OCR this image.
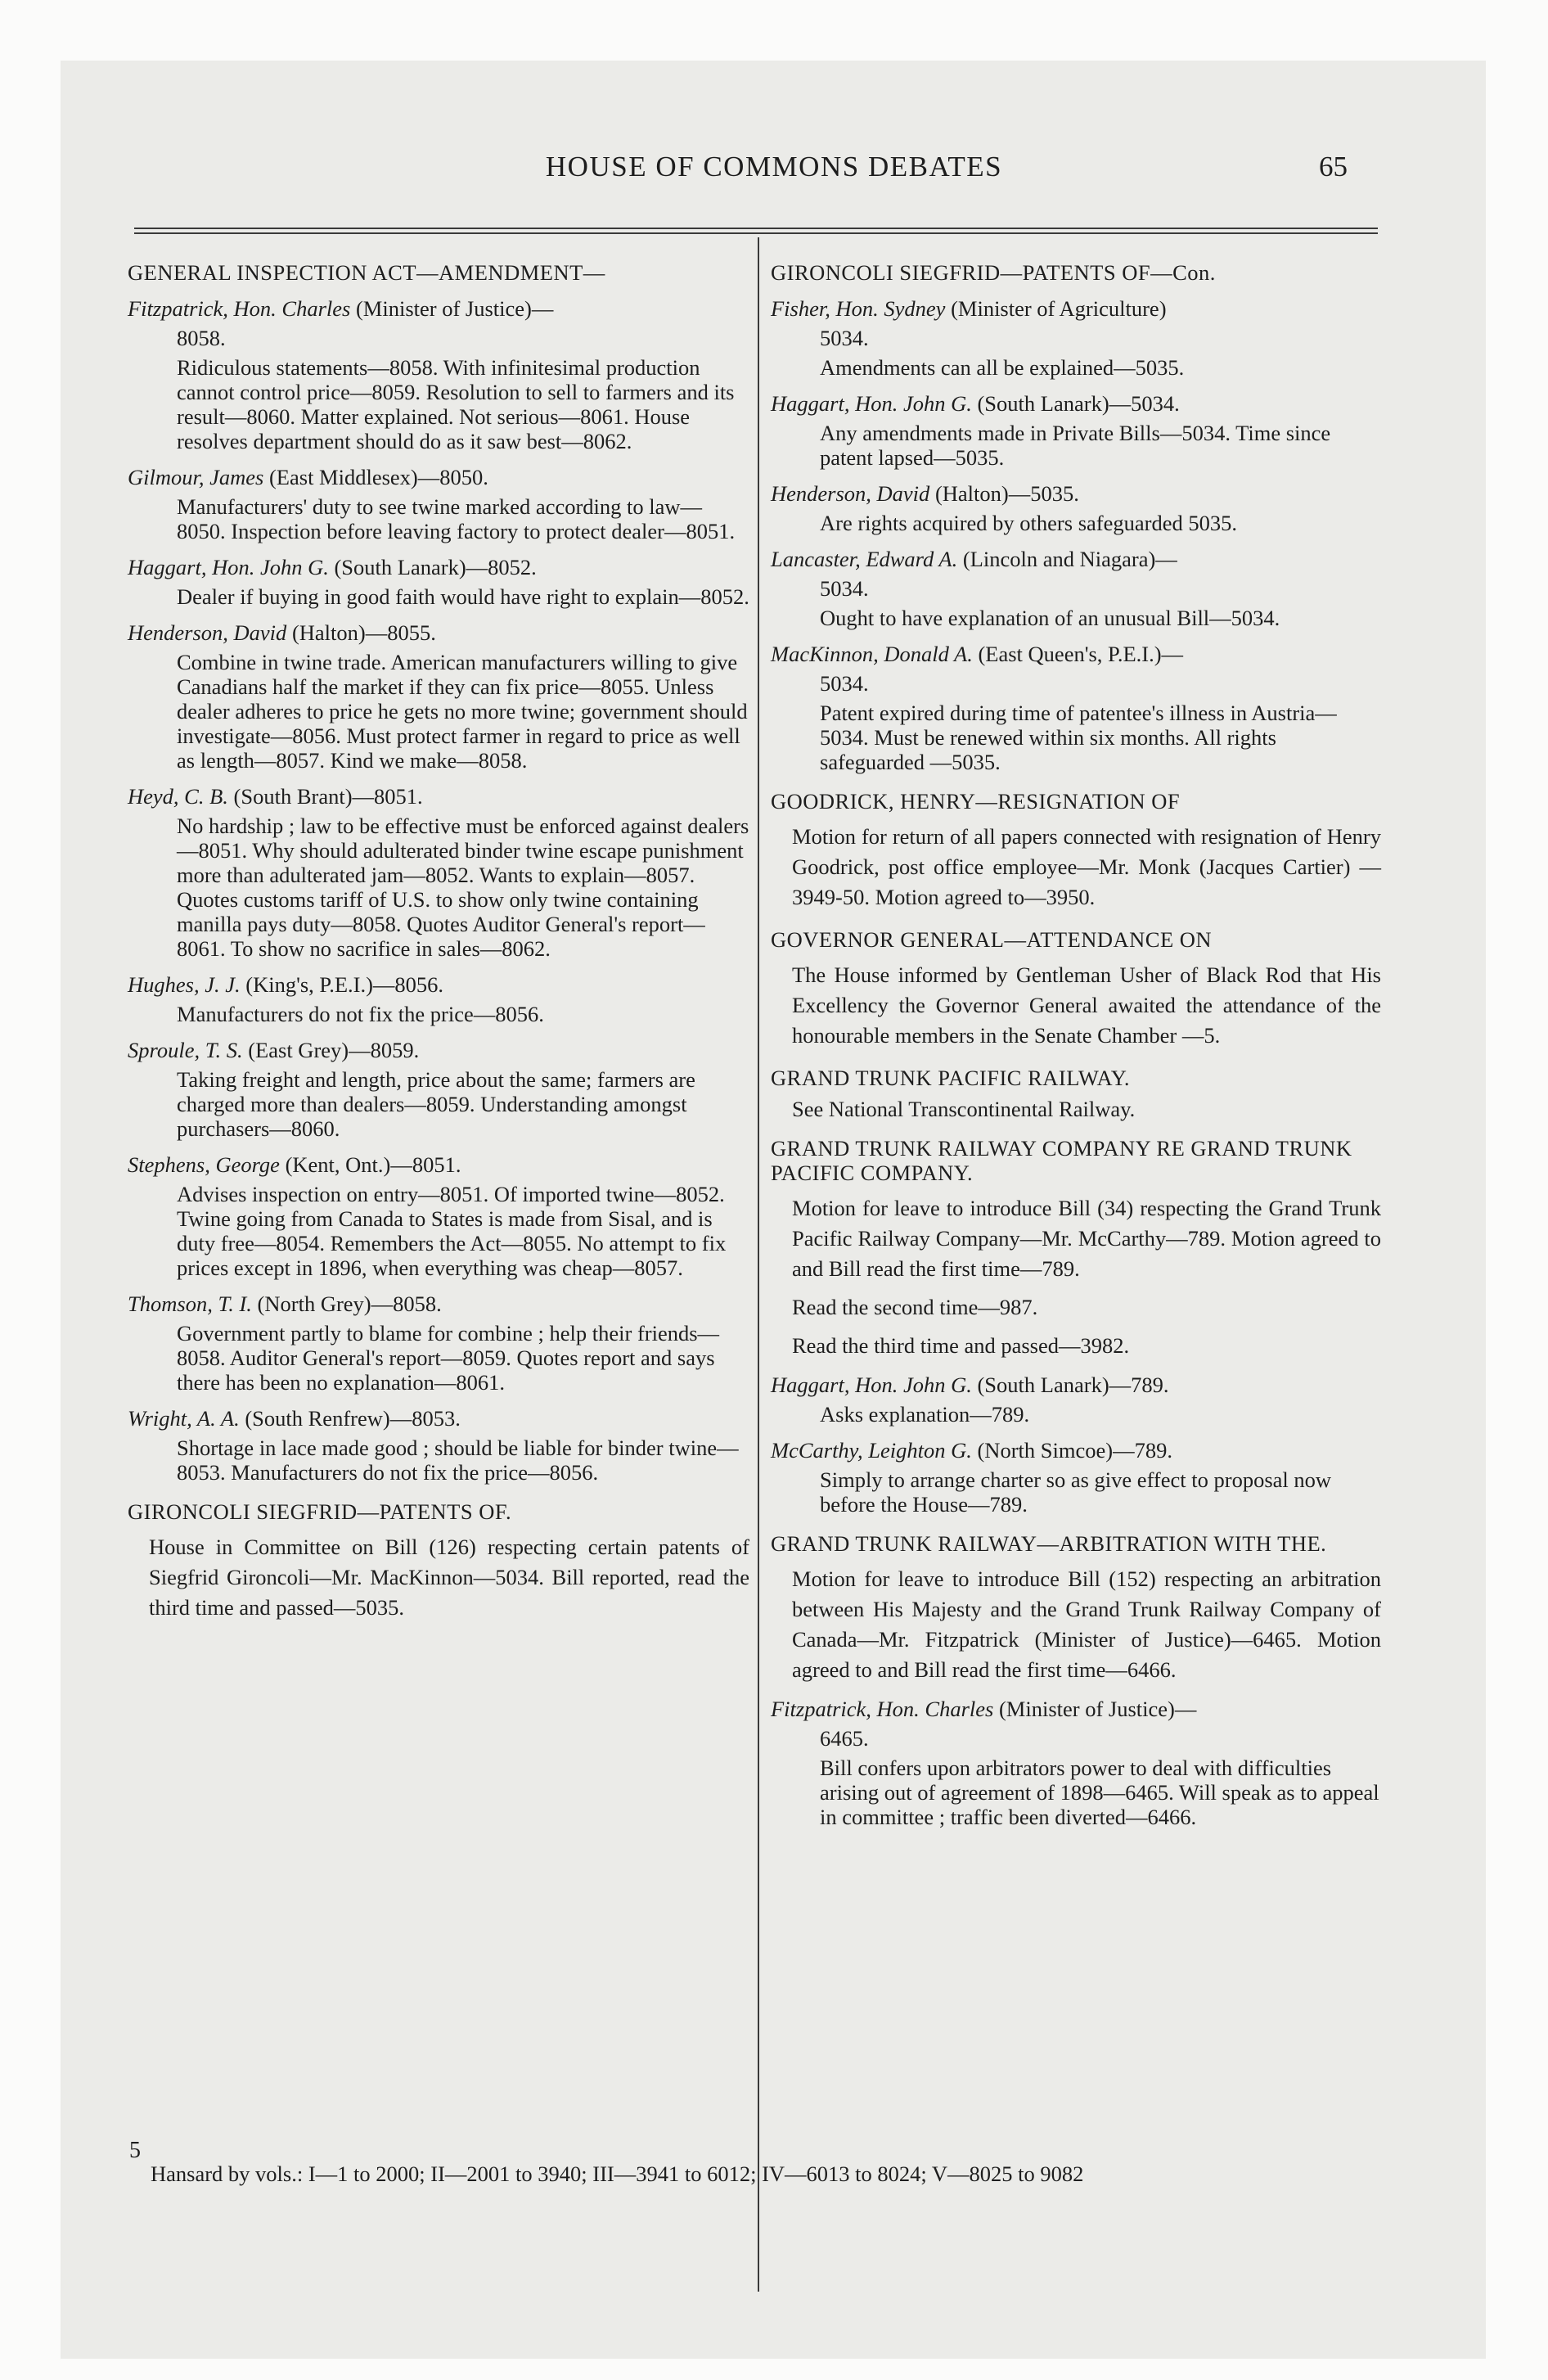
HOUSE OF COMMONS DEBATES	65

GENERAL INSPECTION ACT—AMENDMENT—

Fitzpatrick, Hon. Charles (Minister of Justice)—

8058.

Ridiculous statements—8058. With infinitesimal production cannot control price—8059. Resolution to sell to farmers and its result—8060. Matter explained. Not serious—8061. House resolves department should do as it saw best—8062.

Gilmour, James (East Middlesex)—8050.

Manufacturers' duty to see twine marked according to law—8050. Inspection before leaving factory to protect dealer—8051.

Haggart, Hon. John G. (South Lanark)—8052.

Dealer if buying in good faith would have right to explain—8052.

Henderson, David (Halton)—8055.

Combine in twine trade. American manufacturers willing to give Canadians half the market if they can fix price—8055. Unless dealer adheres to price he gets no more twine; government should investigate—8056. Must protect farmer in regard to price as well as length—8057. Kind we make—8058.

Heyd, C. B. (South Brant)—8051.

No hardship ; law to be effective must be enforced against dealers—8051. Why should adulterated binder twine escape punishment more than adulterated jam—8052. Wants to explain—8057. Quotes customs tariff of U.S. to show only twine containing manilla pays duty—8058. Quotes Auditor General's report—8061. To show no sacrifice in sales—8062.

Hughes, J. J. (King's, P.E.I.)—8056.

Manufacturers do not fix the price—8056.

Sproule, T. S. (East Grey)—8059.

Taking freight and length, price about the same; farmers are charged more than dealers—8059. Understanding amongst purchasers—8060.

Stephens, George (Kent, Ont.)—8051.

Advises inspection on entry—8051. Of imported twine—8052. Twine going from Canada to States is made from Sisal, and is duty free—8054. Remembers the Act—8055. No attempt to fix prices except in 1896, when everything was cheap—8057.

Thomson, T. I. (North Grey)—8058.

Government partly to blame for combine ; help their friends—8058. Auditor General's report—8059. Quotes report and says there has been no explanation—8061.

Wright, A. A. (South Renfrew)—8053.

Shortage in lace made good ; should be liable for binder twine—8053. Manufacturers do not fix the price—8056.

GIRONCOLI SIEGFRID—PATENTS OF.

House in Committee on Bill (126) respecting certain patents of Siegfrid Gironcoli—Mr. MacKinnon—5034. Bill reported, read the third time and passed—5035.

GIRONCOLI SIEGFRID—PATENTS OF—Con.

Fisher, Hon. Sydney (Minister of Agriculture)

5034.

Amendments can all be explained—5035.

Haggart, Hon. John G. (South Lanark)—5034.

Any amendments made in Private Bills—5034. Time since patent lapsed—5035.

Henderson, David (Halton)—5035.

Are rights acquired by others safeguarded 5035.

Lancaster, Edward A. (Lincoln and Niagara)—

5034.

Ought to have explanation of an unusual Bill—5034.

MacKinnon, Donald A. (East Queen's, P.E.I.)—

5034.

Patent expired during time of patentee's illness in Austria—5034. Must be renewed within six months. All rights safeguarded —5035.

GOODRICK, HENRY—RESIGNATION OF

Motion for return of all papers connected with resignation of Henry Goodrick, post office employee—Mr. Monk (Jacques Cartier) —3949-50. Motion agreed to—3950.

GOVERNOR GENERAL—ATTENDANCE ON

The House informed by Gentleman Usher of Black Rod that His Excellency the Governor General awaited the attendance of the honourable members in the Senate Chamber —5.

GRAND TRUNK PACIFIC RAILWAY.

See National Transcontinental Railway.

GRAND TRUNK RAILWAY COMPANY RE GRAND TRUNK PACIFIC COMPANY.

Motion for leave to introduce Bill (34) respecting the Grand Trunk Pacific Railway Company—Mr. McCarthy—789. Motion agreed to and Bill read the first time—789.

Read the second time—987.

Read the third time and passed—3982.

Haggart, Hon. John G. (South Lanark)—789.

Asks explanation—789.

McCarthy, Leighton G. (North Simcoe)—789.

Simply to arrange charter so as give effect to proposal now before the House—789.

GRAND TRUNK RAILWAY—ARBITRATION WITH THE.

Motion for leave to introduce Bill (152) respecting an arbitration between His Majesty and the Grand Trunk Railway Company of Canada—Mr. Fitzpatrick (Minister of Justice)—6465. Motion agreed to and Bill read the first time—6466.

Fitzpatrick, Hon. Charles (Minister of Justice)—

6465.

Bill confers upon arbitrators power to deal with difficulties arising out of agreement of 1898—6465. Will speak as to appeal in committee ; traffic been diverted—6466.

5
Hansard by vols.: I—1 to 2000; II—2001 to 3940; III—3941 to 6012; IV—6013 to 8024; V—8025 to 9082
